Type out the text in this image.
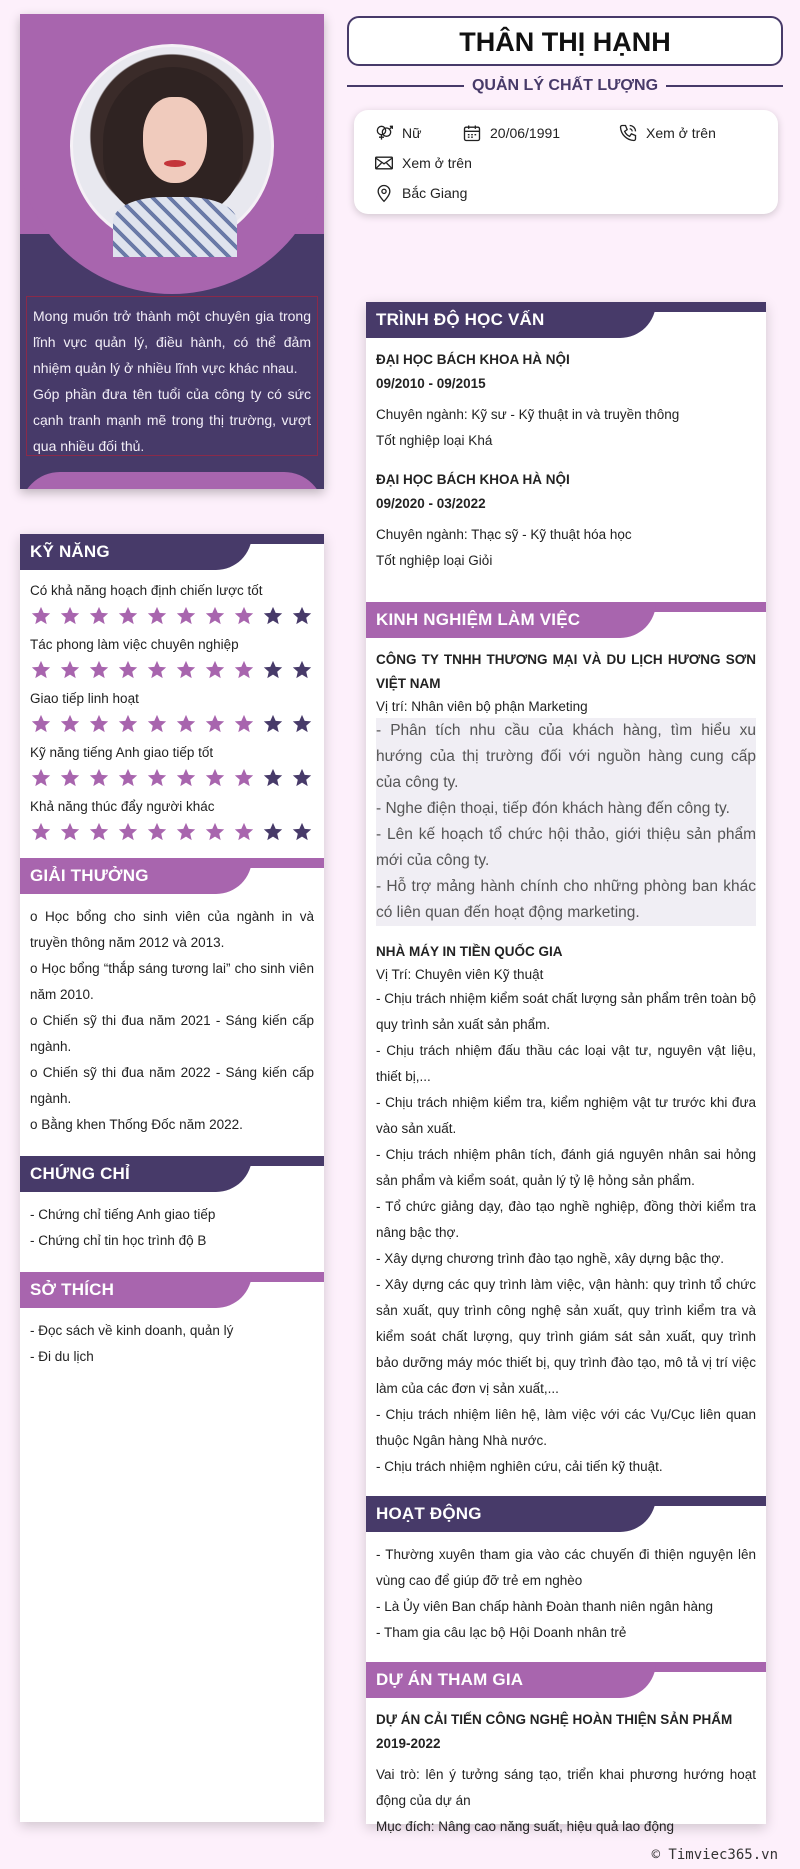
Mong muốn trở thành một chuyên gia trong lĩnh vực quản lý, điều hành, có thể đảm nhiệm quản lý ở nhiều lĩnh vực khác nhau.

Góp phần đưa tên tuổi của công ty có sức cạnh tranh mạnh mẽ trong thị trường, vượt qua nhiều đối thủ.

KỸ NĂNG
Có khả năng hoạch định chiến lược tốt
Tác phong làm việc chuyên nghiệp
Giao tiếp linh hoạt
Kỹ năng tiếng Anh giao tiếp tốt
Khả năng thúc đẩy người khác
GIẢI THƯỞNG

o Học bổng cho sinh viên của ngành in và truyền thông năm 2012 và 2013.

o Học bổng “thắp sáng tương lai” cho sinh viên năm 2010.

o Chiến sỹ thi đua năm 2021 - Sáng kiến cấp ngành.

o Chiến sỹ thi đua năm 2022 - Sáng kiến cấp ngành.

o Bằng khen Thống Đốc năm 2022.

CHỨNG CHỈ

- Chứng chỉ tiếng Anh giao tiếp

- Chứng chỉ tin học trình độ B

SỞ THÍCH

- Đọc sách về kinh doanh, quản lý

- Đi du lịch

THÂN THỊ HẠNH
QUẢN LÝ CHẤT LƯỢNG
Nữ	20/06/1991	Xem ở trên
Xem ở trên
Bắc Giang
TRÌNH ĐỘ HỌC VẤN
ĐẠI HỌC BÁCH KHOA HÀ NỘI
09/2010 - 09/2015
Chuyên ngành: Kỹ sư - Kỹ thuật in và truyền thông
Tốt nghiệp loại Khá
ĐẠI HỌC BÁCH KHOA HÀ NỘI
09/2020 - 03/2022
Chuyên ngành: Thạc sỹ - Kỹ thuật hóa học
Tốt nghiệp loại Giỏi
KINH NGHIỆM LÀM VIỆC
CÔNG TY TNHH THƯƠNG MẠI VÀ DU LỊCH HƯƠNG SƠN VIỆT NAM
Vị trí: Nhân viên bộ phận Marketing
- Phân tích nhu cầu của khách hàng, tìm hiểu xu hướng của thị trường đối với nguồn hàng cung cấp của công ty.
- Nghe điện thoại, tiếp đón khách hàng đến công ty.
- Lên kế hoạch tổ chức hội thảo, giới thiệu sản phẩm mới của công ty.
- Hỗ trợ mảng hành chính cho những phòng ban khác có liên quan đến hoạt động marketing.
NHÀ MÁY IN TIỀN QUỐC GIA
Vị Trí: Chuyên viên Kỹ thuật
- Chịu trách nhiệm kiểm soát chất lượng sản phẩm trên toàn bộ quy trình sản xuất sản phẩm.
- Chịu trách nhiệm đấu thầu các loại vật tư, nguyên vật liệu, thiết bị,...
- Chịu trách nhiệm kiểm tra, kiểm nghiệm vật tư trước khi đưa vào sản xuất.
- Chịu trách nhiệm phân tích, đánh giá nguyên nhân sai hỏng sản phẩm và kiểm soát, quản lý tỷ lệ hỏng sản phẩm.
- Tổ chức giảng dạy, đào tạo nghề nghiệp, đồng thời kiểm tra nâng bậc thợ.
- Xây dựng chương trình đào tạo nghề, xây dựng bậc thợ.
- Xây dựng các quy trình làm việc, vận hành: quy trình tổ chức sản xuất, quy trình công nghệ sản xuất, quy trình kiểm tra và kiểm soát chất lượng, quy trình giám sát sản xuất, quy trình bảo dưỡng máy móc thiết bị, quy trình đào tạo, mô tả vị trí việc làm của các đơn vị sản xuất,...
- Chịu trách nhiệm liên hệ, làm việc với các Vụ/Cục liên quan thuộc Ngân hàng Nhà nước.
- Chịu trách nhiệm nghiên cứu, cải tiến kỹ thuật.
HOẠT ĐỘNG
- Thường xuyên tham gia vào các chuyến đi thiện nguyện lên vùng cao để giúp đỡ trẻ em nghèo
- Là Ủy viên Ban chấp hành Đoàn thanh niên ngân hàng
- Tham gia câu lạc bộ Hội Doanh nhân trẻ
DỰ ÁN THAM GIA
DỰ ÁN CẢI TIẾN CÔNG NGHỆ HOÀN THIỆN SẢN PHẨM
2019-2022
Vai trò: lên ý tưởng sáng tạo, triển khai phương hướng hoạt động của dự án
Mục đích: Nâng cao năng suất, hiệu quả lao động
© Timviec365.vn
